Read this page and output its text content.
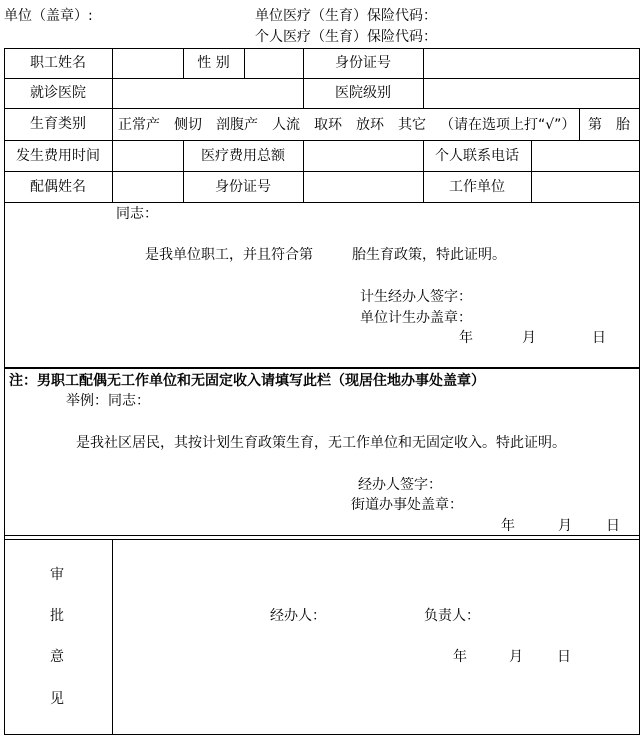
单位（盖章）:	单位医疗（生育）保险代码：
个人医疗（生育）保险代码：
职工姓名	性 别	身份证号
就诊医院	医院级别
生育类别	正常产 侧切 剖腹产 人流 取环 放环 其它 （请在选项上打“√”） 第 胎
发生费用时间	医疗费用总额	个人联系电话
配偶姓名	身份证号	工作单位
同志：
是我单位职工，并且符合第	胎生育政策，特此证明。
计生经办人签字：
单位计生办盖章：
年	月	日
注：男职工配偶无工作单位和无固定收入请填写此栏（现居住地办事处盖章）
举例：同志：
是我社区居民，其按计划生育政策生育，无工作单位和无固定收入。特此证明。
经办人签字：
街道办事处盖章：
年	月 日
审
批
意
见
经办人：	负责人：
年	月 日
